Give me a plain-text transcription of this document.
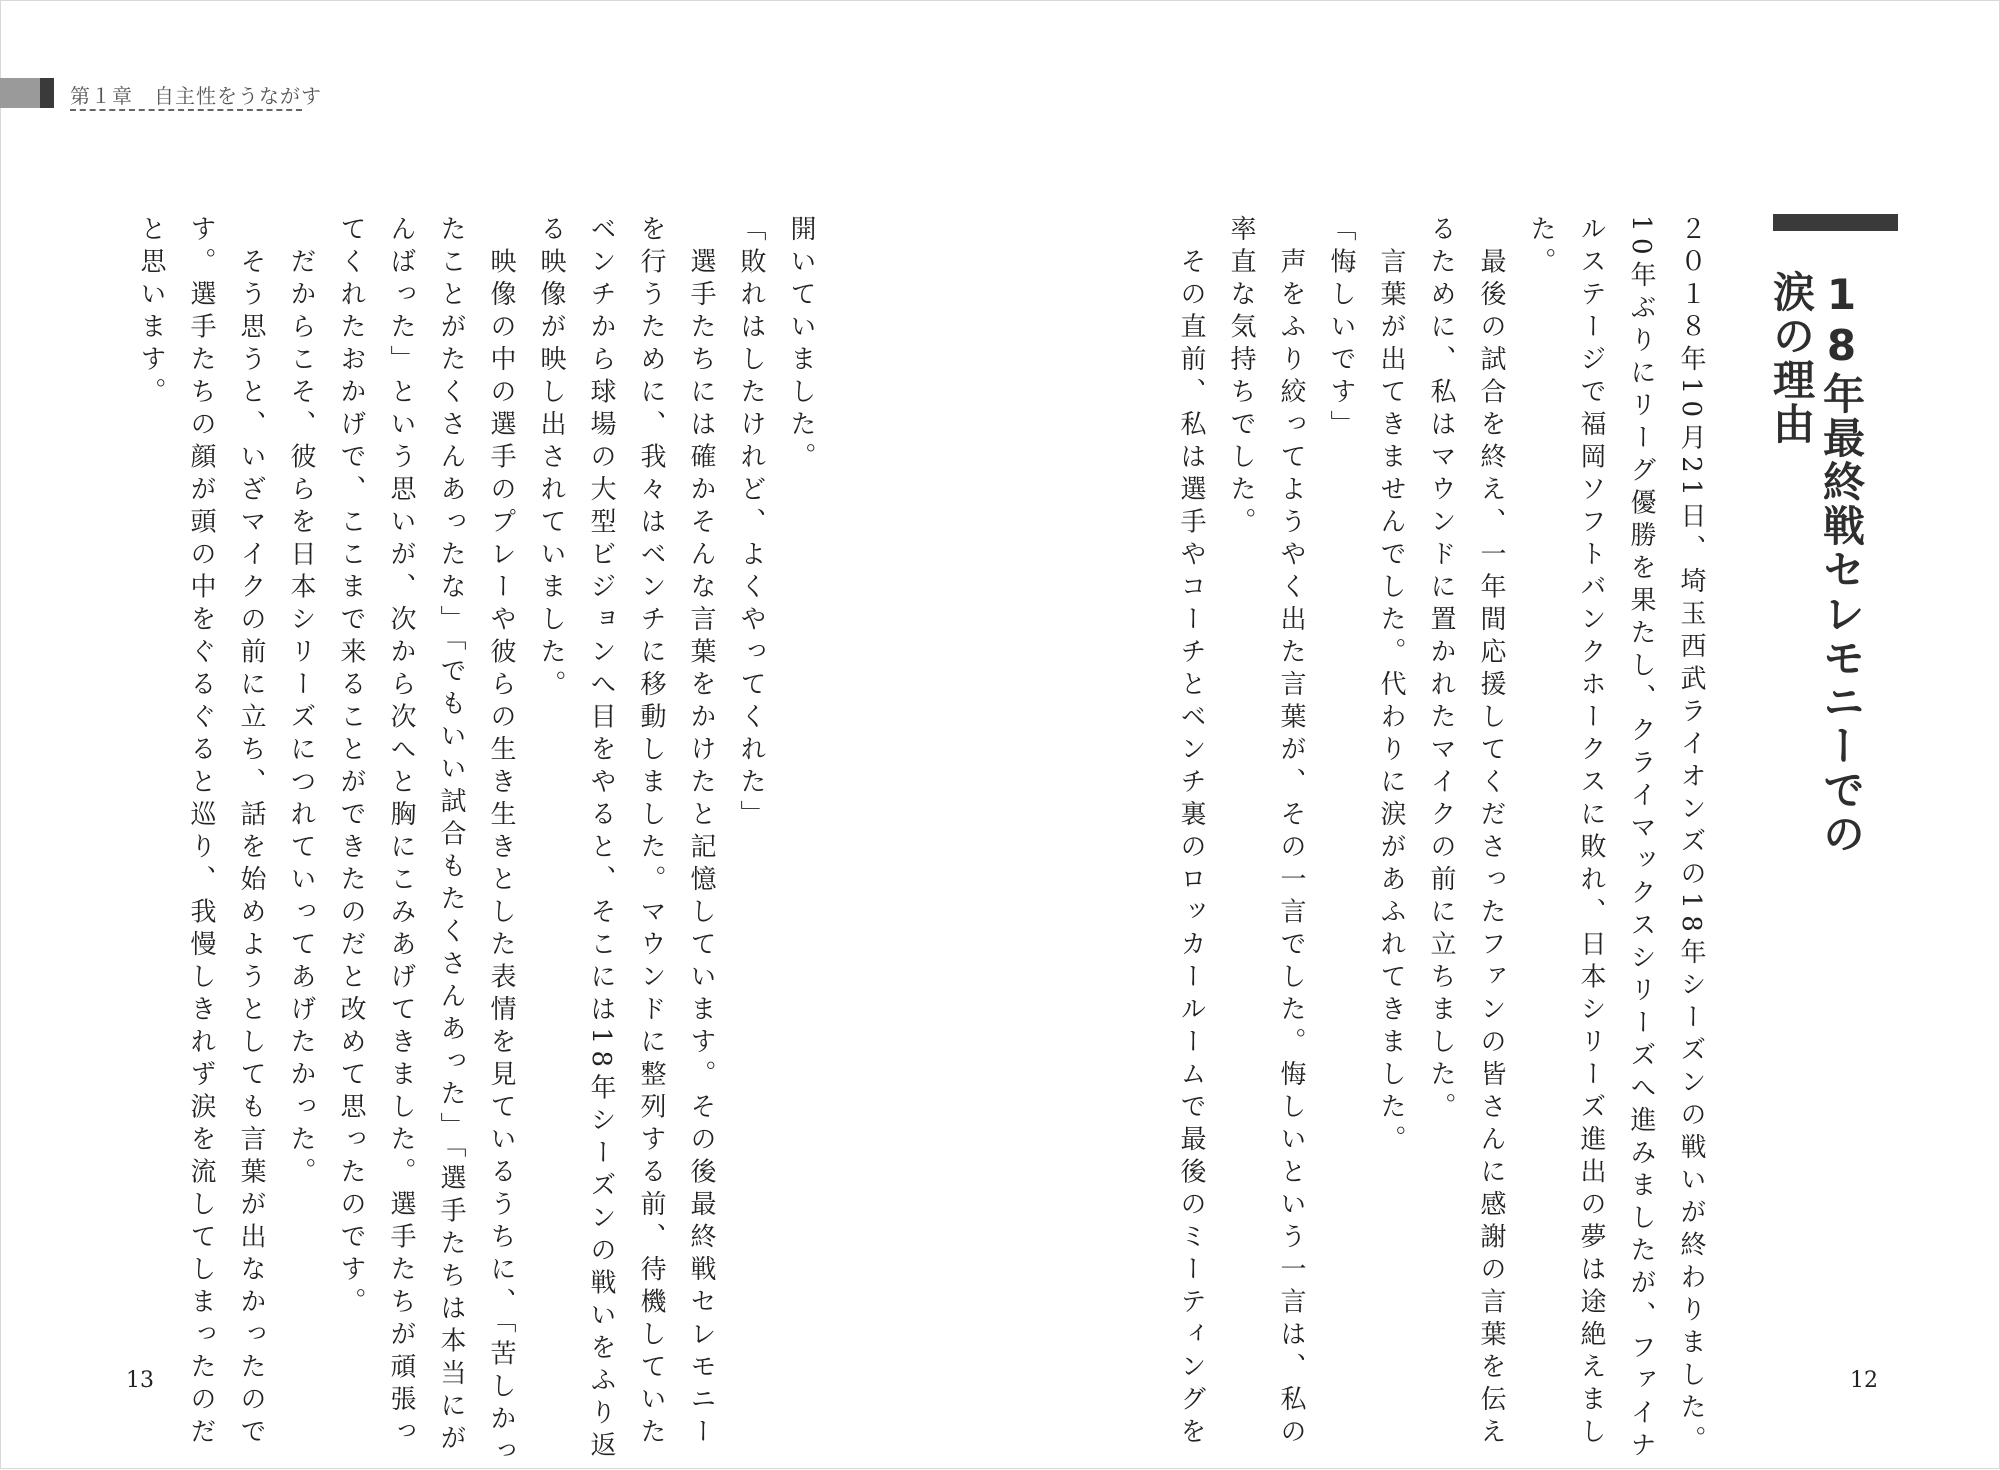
第１章　自主性をうながす
18年最終戦セレモニーでの
涙の理由
２０１８年10月21日、埼玉西武ライオンズの18年シーズンの戦いが終わりました。
10年ぶりにリーグ優勝を果たし、クライマックスシリーズへ進みましたが、ファイナ
ルステージで福岡ソフトバンクホークスに敗れ、日本シリーズ進出の夢は途絶えまし
た。
　最後の試合を終え、一年間応援してくださったファンの皆さんに感謝の言葉を伝え
るために、私はマウンドに置かれたマイクの前に立ちました。
　言葉が出てきませんでした。代わりに涙があふれてきました。
「悔しいです」
　声をふり絞ってようやく出た言葉が、その一言でした。悔しいという一言は、私の
率直な気持ちでした。
　その直前、私は選手やコーチとベンチ裏のロッカールームで最後のミーティングを
開いていました。
「敗れはしたけれど、よくやってくれた」
　選手たちには確かそんな言葉をかけたと記憶しています。その後最終戦セレモニー
を行うために、我々はベンチに移動しました。マウンドに整列する前、待機していた
ベンチから球場の大型ビジョンへ目をやると、そこには18年シーズンの戦いをふり返
る映像が映し出されていました。
　映像の中の選手のプレーや彼らの生き生きとした表情を見ているうちに、「苦しかっ
たことがたくさんあったな」「でもいい試合もたくさんあった」「選手たちは本当にが
んばった」という思いが、次から次へと胸にこみあげてきました。選手たちが頑張っ
てくれたおかげで、ここまで来ることができたのだと改めて思ったのです。
　だからこそ、彼らを日本シリーズにつれていってあげたかった。
　そう思うと、いざマイクの前に立ち、話を始めようとしても言葉が出なかったので
す。選手たちの顔が頭の中をぐるぐると巡り、我慢しきれず涙を流してしまったのだ
と思います。
13	12
